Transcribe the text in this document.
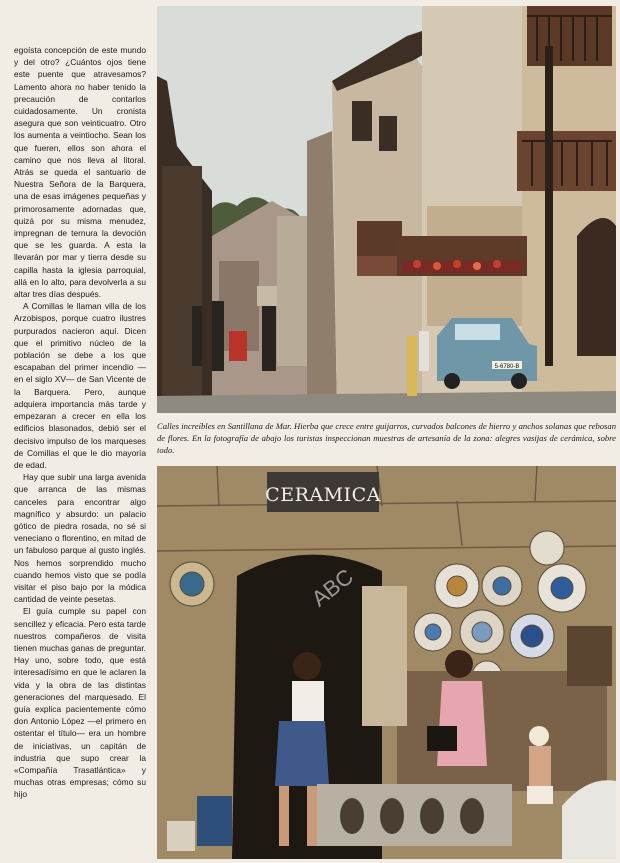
egoísta concepción de este mundo y del otro? ¿Cuántos ojos tiene este puente que atravesamos? Lamento ahora no haber tenido la precaución de contarlos cuidadosamente. Un cronista asegura que son veinticuatro. Otro los aumenta a veintiocho. Sean los que fueren, ellos son ahora el camino que nos lleva al litoral. Atrás se queda el santuario de Nuestra Señora de la Barquera, una de esas imágenes pequeñas y primorosamente adornadas que, quizá por su misma menudez, impregnan de ternura la devoción que se les guarda. A esta la llevarán por mar y tierra desde su capilla hasta la iglesia parroquial, allá en lo alto, para devolverla a su altar tres días después.

A Comillas le llaman villa de los Arzobispos, porque cuatro ilustres purpurados nacieron aquí. Dicen que el primitivo núcleo de la población se debe a los que escapaban del primer incendio —en el siglo XV— de San Vicente de la Barquera. Pero, aunque adquiera importancia más tarde y empezaran a crecer en ella los edificios blasonados, debió ser el decisivo impulso de los marqueses de Comillas el que le dio mayoría de edad.

Hay que subir una larga avenida que arranca de las mismas canceles para encontrar algo magnífico y absurdo: un palacio gótico de piedra rosada, no sé si veneciano o florentino, en mitad de un fabuloso parque al gusto inglés. Nos hemos sorprendido mucho cuando hemos visto que se podía visitar el piso bajo por la módica cantidad de veinte pesetas.

El guía cumple su papel con sencillez y eficacia. Pero esta tarde nuestros compañeros de visita tienen muchas ganas de preguntar. Hay uno, sobre todo, que está interesadísimo en que le aclaren la vida y la obra de las distintas generaciones del marquesado. El guía explica pacientemente cómo don Antonio López —el primero en ostentar el título— era un hombre de iniciativas, un capitán de industria que supo crear la «Compañía Trasatlántica» y muchas otras empresas; cómo su hijo

5-6780-B
Calles increíbles en Santillana de Mar. Hierba que crece entre guijarros, curvados balcones de hierro y anchos solanas que rebosan de flores. En la fotografía de abajo los turistas inspeccionan muestras de artesanía de la zona: alegres vasijas de cerámica, sobre todo.
CERAMICA
ABC
